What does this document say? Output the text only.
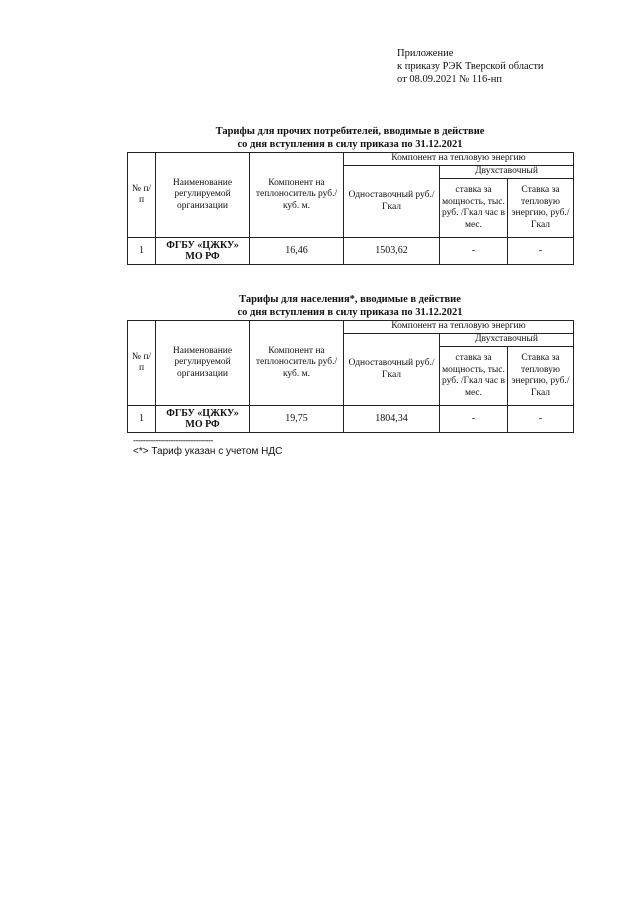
Приложение
к приказу РЭК Тверской области
от 08.09.2021 № 116-нп
Тарифы для прочих потребителей, вводимые в действие
со дня вступления в силу приказа по 31.12.2021
№ п/п	Наименование регулируемой организации	Компонент на теплоноситель руб./куб. м.	Компонент на тепловую энергию		
			Одноставочный руб./Гкал	Двухставочный	
				ставка за мощность, тыс. руб. /Гкал час в мес.	Ставка за тепловую энергию, руб./Гкал
1	ФГБУ «ЦЖКУ» МО РФ	16,46	1503,62	-	-
Тарифы для населения*, вводимые в действие
со дня вступления в силу приказа по 31.12.2021
№ п/п	Наименование регулируемой организации	Компонент на теплоноситель руб./куб. м.	Компонент на тепловую энергию		
			Одноставочный руб./Гкал	Двухставочный	
				ставка за мощность, тыс. руб. /Гкал час в мес.	Ставка за тепловую энергию, руб./Гкал
1	ФГБУ «ЦЖКУ» МО РФ	19,75	1804,34	-	-
--------------------------------
<*> Тариф указан с учетом НДС
